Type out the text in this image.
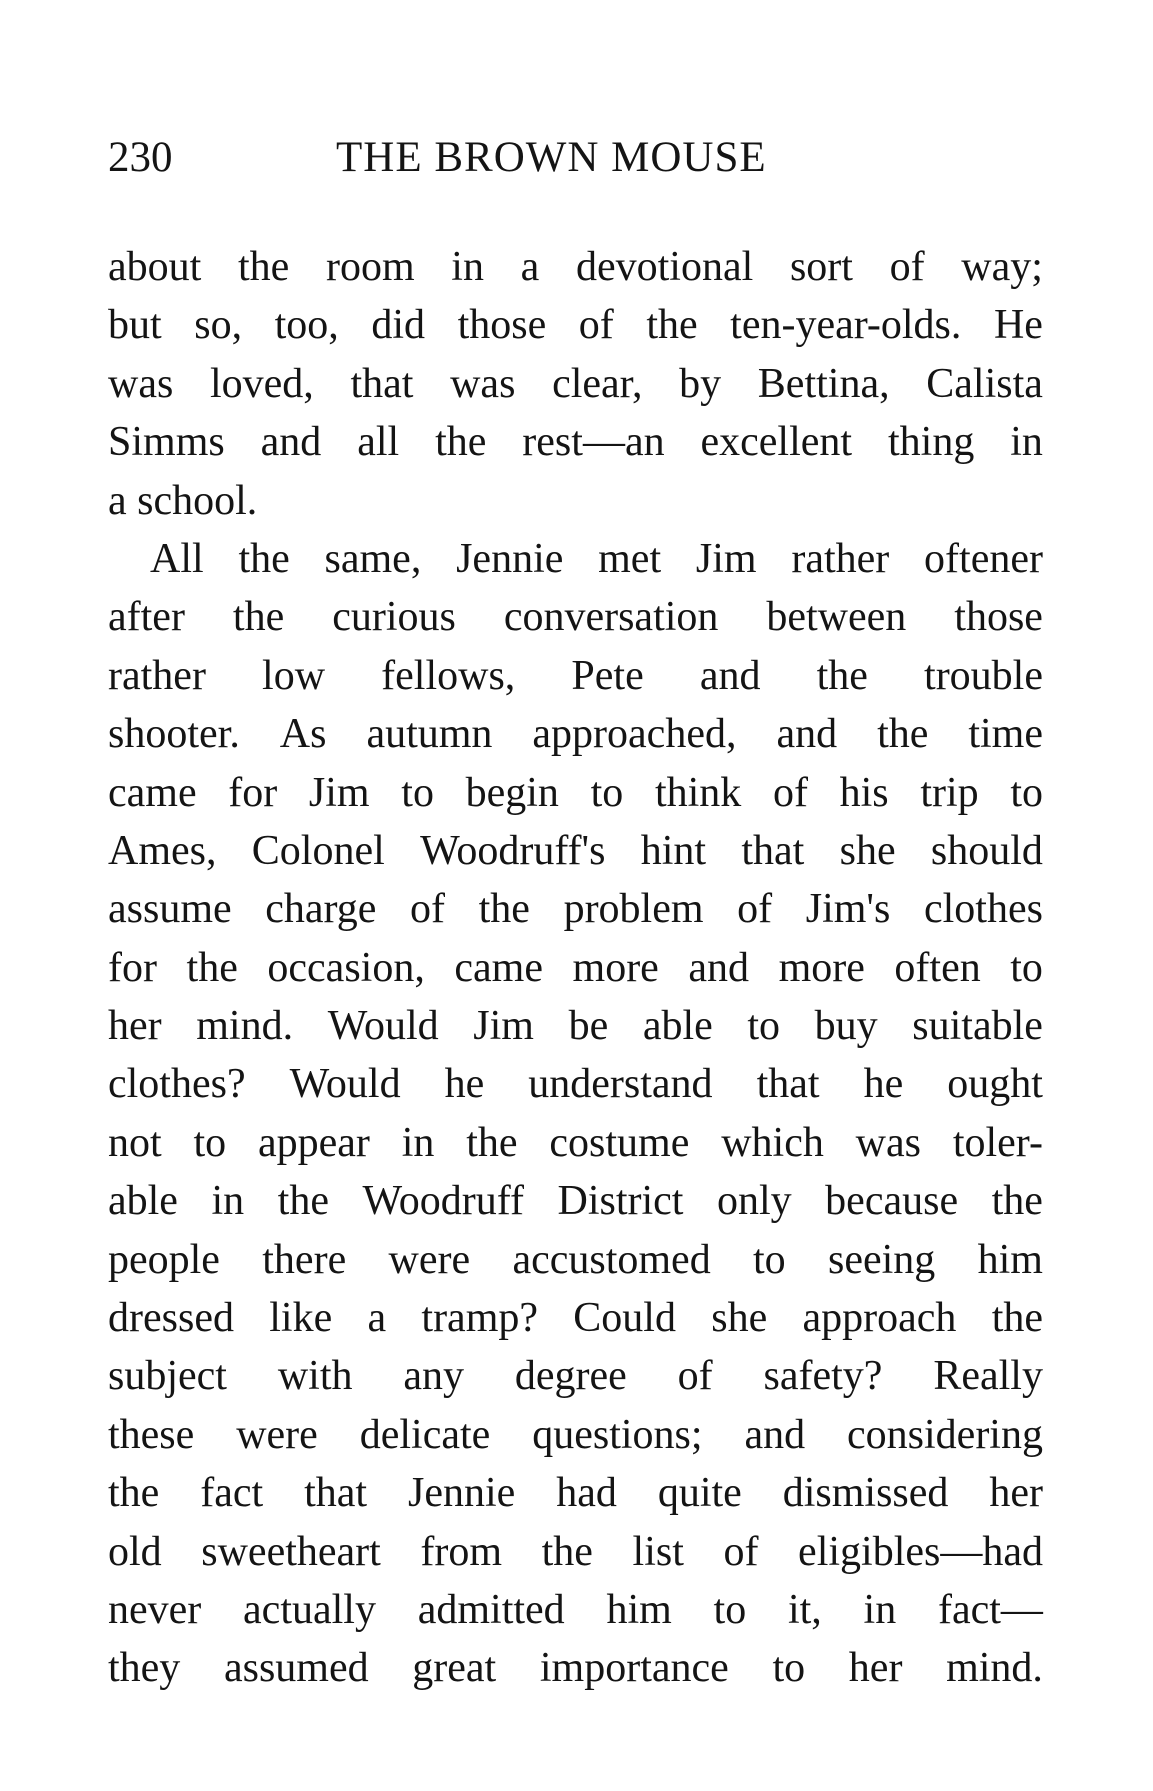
230	THE BROWN MOUSE
about the room in a devotional sort of way;
but so, too, did those of the ten-year-olds. He
was loved, that was clear, by Bettina, Calista
Simms and all the rest—an excellent thing in
a school.
All the same, Jennie met Jim rather oftener
after the curious conversation between those
rather low fellows, Pete and the trouble
shooter. As autumn approached, and the time
came for Jim to begin to think of his trip to
Ames, Colonel Woodruff's hint that she should
assume charge of the problem of Jim's clothes
for the occasion, came more and more often to
her mind. Would Jim be able to buy suitable
clothes? Would he understand that he ought
not to appear in the costume which was toler-
able in the Woodruff District only because the
people there were accustomed to seeing him
dressed like a tramp? Could she approach the
subject with any degree of safety? Really
these were delicate questions; and considering
the fact that Jennie had quite dismissed her
old sweetheart from the list of eligibles—had
never actually admitted him to it, in fact—
they assumed great importance to her mind.
